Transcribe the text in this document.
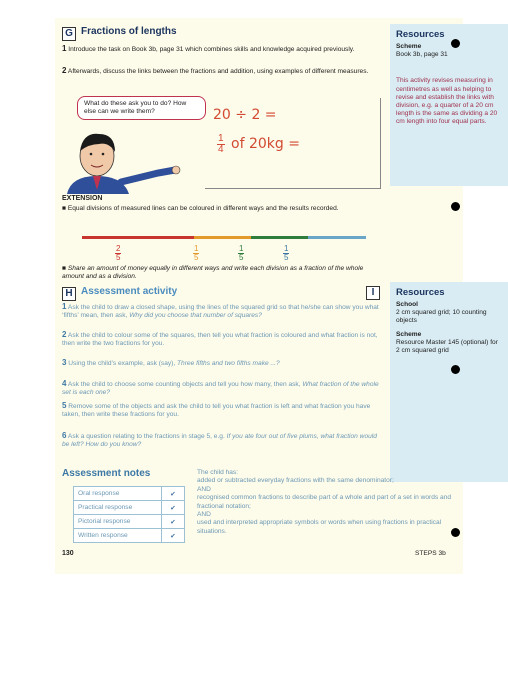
Resources
Scheme
Book 3b, page 31
This activity revises measuring in centimetres as well as helping to revise and establish the links with division, e.g. a quarter of a 20 cm length is the same as dividing a 20 cm length into four equal parts.
Resources
School
2 cm squared grid; 10 counting objects
Scheme
Resource Master 145 (optional) for 2 cm squared grid
G Fractions of lengths
1 Introduce the task on Book 3b, page 31 which combines skills and knowledge acquired previously.
2 Afterwards, discuss the links between the fractions and addition, using examples of different measures.
What do these ask you to do? How else can we write them?	20 ÷ 2 =
$\frac{1}{4}$ of 20kg =
EXTENSION
■ Equal divisions of measured lines can be coloured in different ways and the results recorded.
$\frac{2}{5}$	$\frac{1}{5}$	$\frac{1}{5}$	$\frac{1}{5}$
■ Share an amount of money equally in different ways and write each division as a fraction of the whole amount and as a division.
H Assessment activity	I
1 Ask the child to draw a closed shape, using the lines of the squared grid so that he/she can show you what ‘fifths’ mean, then ask, Why did you choose that number of squares?
2 Ask the child to colour some of the squares, then tell you what fraction is coloured and what fraction is not, then write the two fractions for you.
3 Using the child’s example, ask (say), Three fifths and two fifths make ...?
4 Ask the child to choose some counting objects and tell you how many, then ask, What fraction of the whole set is each one?
5 Remove some of the objects and ask the child to tell you what fraction is left and what fraction you have taken, then write these fractions for you.
6 Ask a question relating to the fractions in stage 5, e.g. If you ate four out of five plums, what fraction would be left? How do you know?
Assessment notes
Oral response	✔
Practical response	✔
Pictorial response	✔
Written response	✔
The child has:
added or subtracted everyday fractions with the same denominator;
AND
recognised common fractions to describe part of a whole and part of a set in words and fractional notation;
AND
used and interpreted appropriate symbols or words when using fractions in practical situations.
130	STEPS 3b
